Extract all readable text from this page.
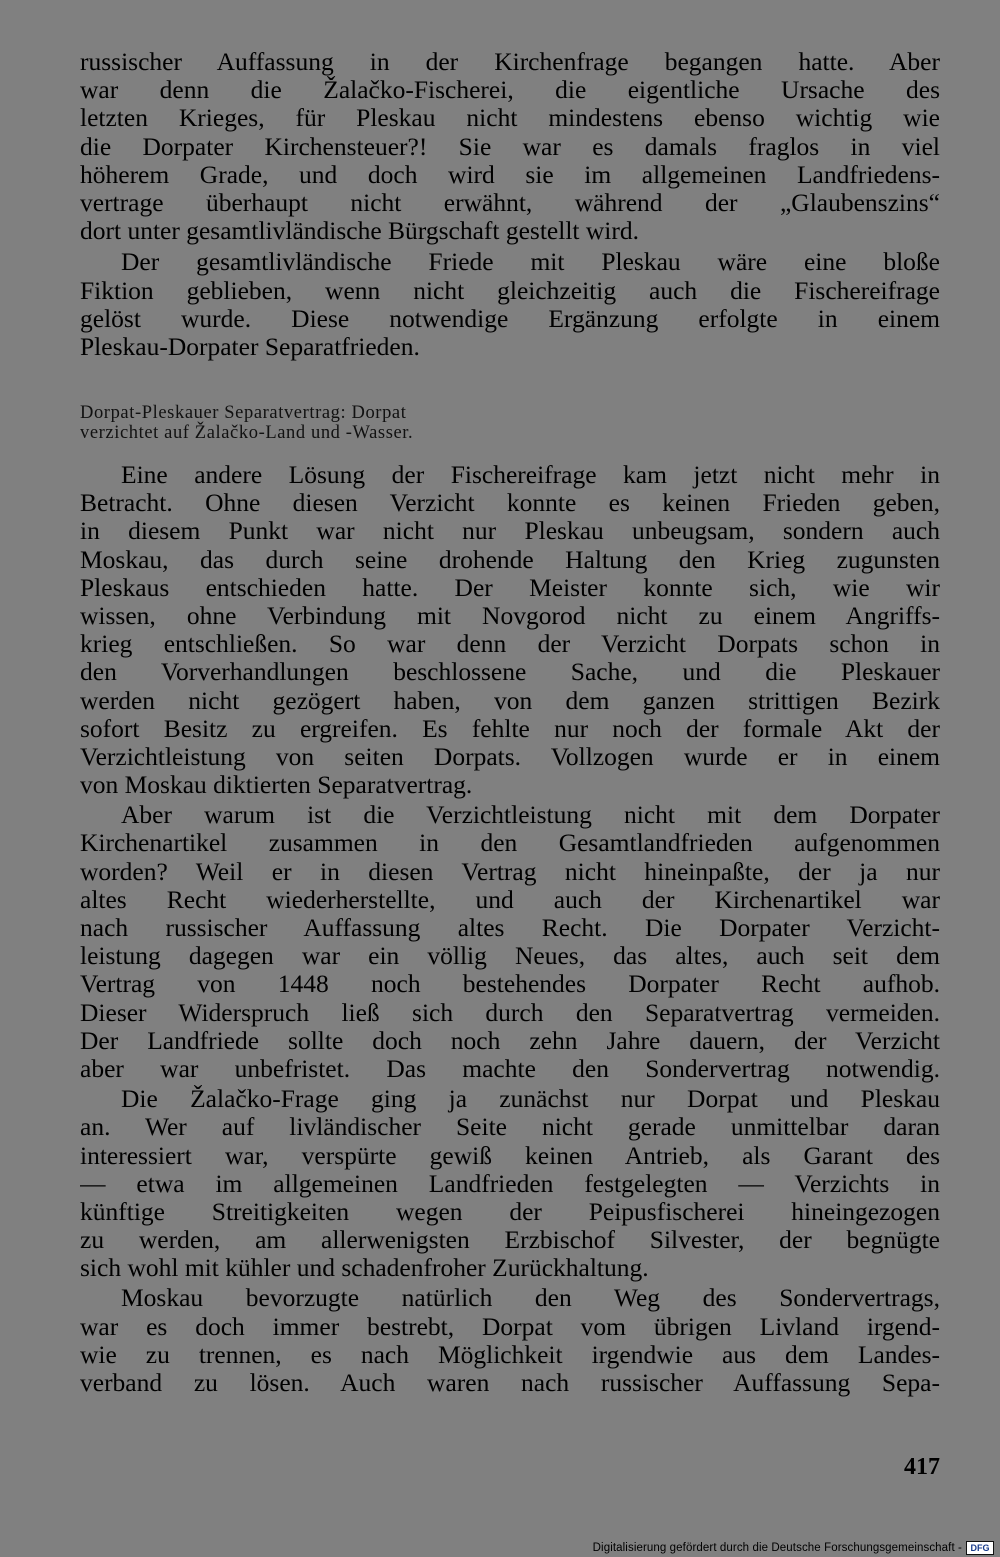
russischer Auffassung in der Kirchenfrage begangen hatte. Aber
war denn die Žalačko-Fischerei, die eigentliche Ursache des
letzten Krieges, für Pleskau nicht mindestens ebenso wichtig wie
die Dorpater Kirchensteuer?! Sie war es damals fraglos in viel
höherem Grade, und doch wird sie im allgemeinen Landfriedens-
vertrage überhaupt nicht erwähnt, während der „Glaubenszins“
dort unter gesamtlivländische Bürgschaft gestellt wird.
Der gesamtlivländische Friede mit Pleskau wäre eine bloße
Fiktion geblieben, wenn nicht gleichzeitig auch die Fischereifrage
gelöst wurde. Diese notwendige Ergänzung erfolgte in einem
Pleskau-Dorpater Separatfrieden.
Dorpat-Pleskauer Separatvertrag: Dorpat
verzichtet auf Žalačko-Land und -Wasser.
Eine andere Lösung der Fischereifrage kam jetzt nicht mehr in
Betracht. Ohne diesen Verzicht konnte es keinen Frieden geben,
in diesem Punkt war nicht nur Pleskau unbeugsam, sondern auch
Moskau, das durch seine drohende Haltung den Krieg zugunsten
Pleskaus entschieden hatte. Der Meister konnte sich, wie wir
wissen, ohne Verbindung mit Novgorod nicht zu einem Angriffs-
krieg entschließen. So war denn der Verzicht Dorpats schon in
den Vorverhandlungen beschlossene Sache, und die Pleskauer
werden nicht gezögert haben, von dem ganzen strittigen Bezirk
sofort Besitz zu ergreifen. Es fehlte nur noch der formale Akt der
Verzichtleistung von seiten Dorpats. Vollzogen wurde er in einem
von Moskau diktierten Separatvertrag.
Aber warum ist die Verzichtleistung nicht mit dem Dorpater
Kirchenartikel zusammen in den Gesamtlandfrieden aufgenommen
worden? Weil er in diesen Vertrag nicht hineinpaßte, der ja nur
altes Recht wiederherstellte, und auch der Kirchenartikel war
nach russischer Auffassung altes Recht. Die Dorpater Verzicht-
leistung dagegen war ein völlig Neues, das altes, auch seit dem
Vertrag von 1448 noch bestehendes Dorpater Recht aufhob.
Dieser Widerspruch ließ sich durch den Separatvertrag vermeiden.
Der Landfriede sollte doch noch zehn Jahre dauern, der Verzicht
aber war unbefristet. Das machte den Sondervertrag notwendig.
Die Žalačko-Frage ging ja zunächst nur Dorpat und Pleskau
an. Wer auf livländischer Seite nicht gerade unmittelbar daran
interessiert war, verspürte gewiß keinen Antrieb, als Garant des
— etwa im allgemeinen Landfrieden festgelegten — Verzichts in
künftige Streitigkeiten wegen der Peipusfischerei hineingezogen
zu werden, am allerwenigsten Erzbischof Silvester, der begnügte
sich wohl mit kühler und schadenfroher Zurückhaltung.
Moskau bevorzugte natürlich den Weg des Sondervertrags,
war es doch immer bestrebt, Dorpat vom übrigen Livland irgend-
wie zu trennen, es nach Möglichkeit irgendwie aus dem Landes-
verband zu lösen. Auch waren nach russischer Auffassung Sepa-
417
Digitalisierung gefördert durch die Deutsche Forschungsgemeinschaft - DFG
